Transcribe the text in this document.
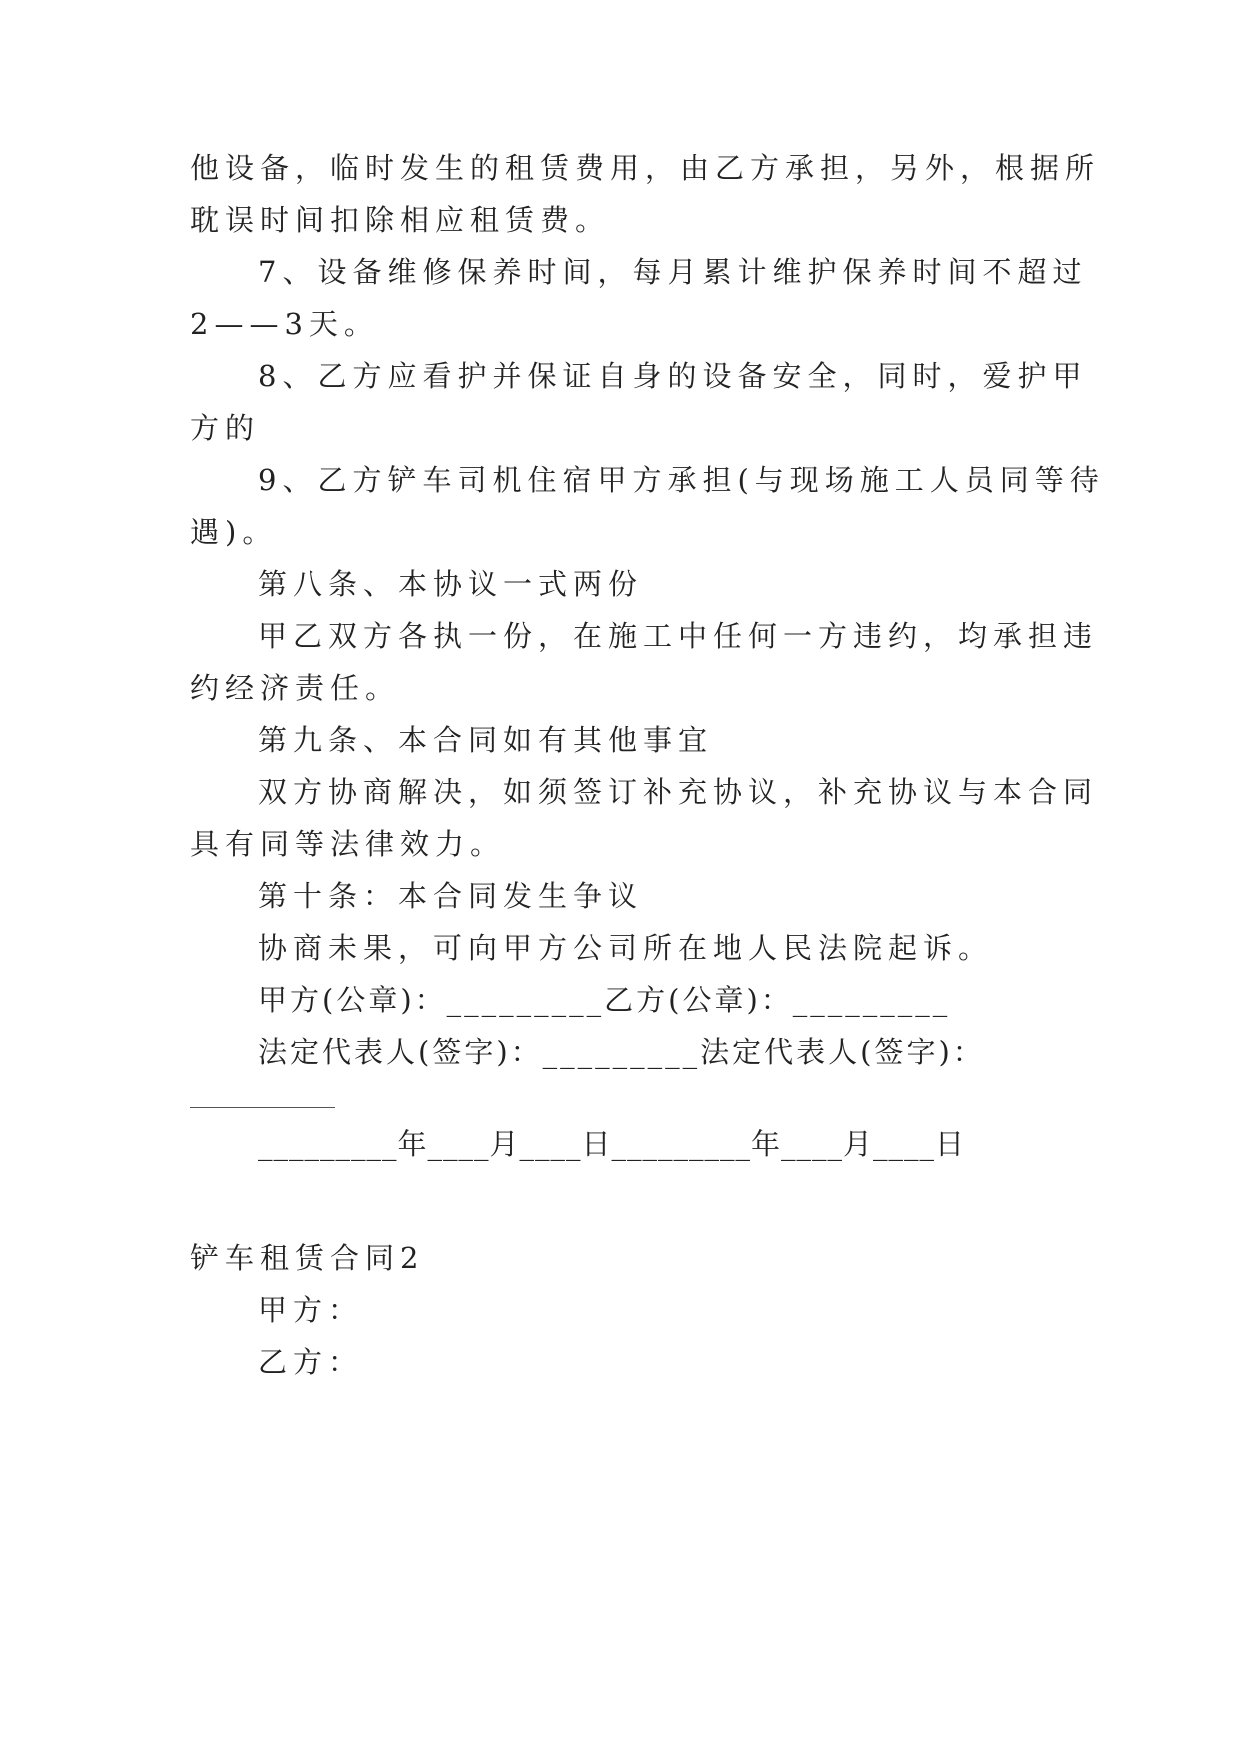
他设备，临时发生的租赁费用，由乙方承担，另外，根据所
耽误时间扣除相应租赁费。
7、设备维修保养时间，每月累计维护保养时间不超过
2——3天。
8、乙方应看护并保证自身的设备安全，同时，爱护甲
方的
9、乙方铲车司机住宿甲方承担(与现场施工人员同等待
遇)。
第八条、本协议一式两份
甲乙双方各执一份，在施工中任何一方违约，均承担违
约经济责任。
第九条、本合同如有其他事宜
双方协商解决，如须签订补充协议，补充协议与本合同
具有同等法律效力。
第十条：本合同发生争议
协商未果，可向甲方公司所在地人民法院起诉。
甲方(公章)：_________乙方(公章)：_________
法定代表人(签字)：_________法定代表人(签字)：
_________年____月____日_________年____月____日
铲车租赁合同2
甲方：
乙方：
